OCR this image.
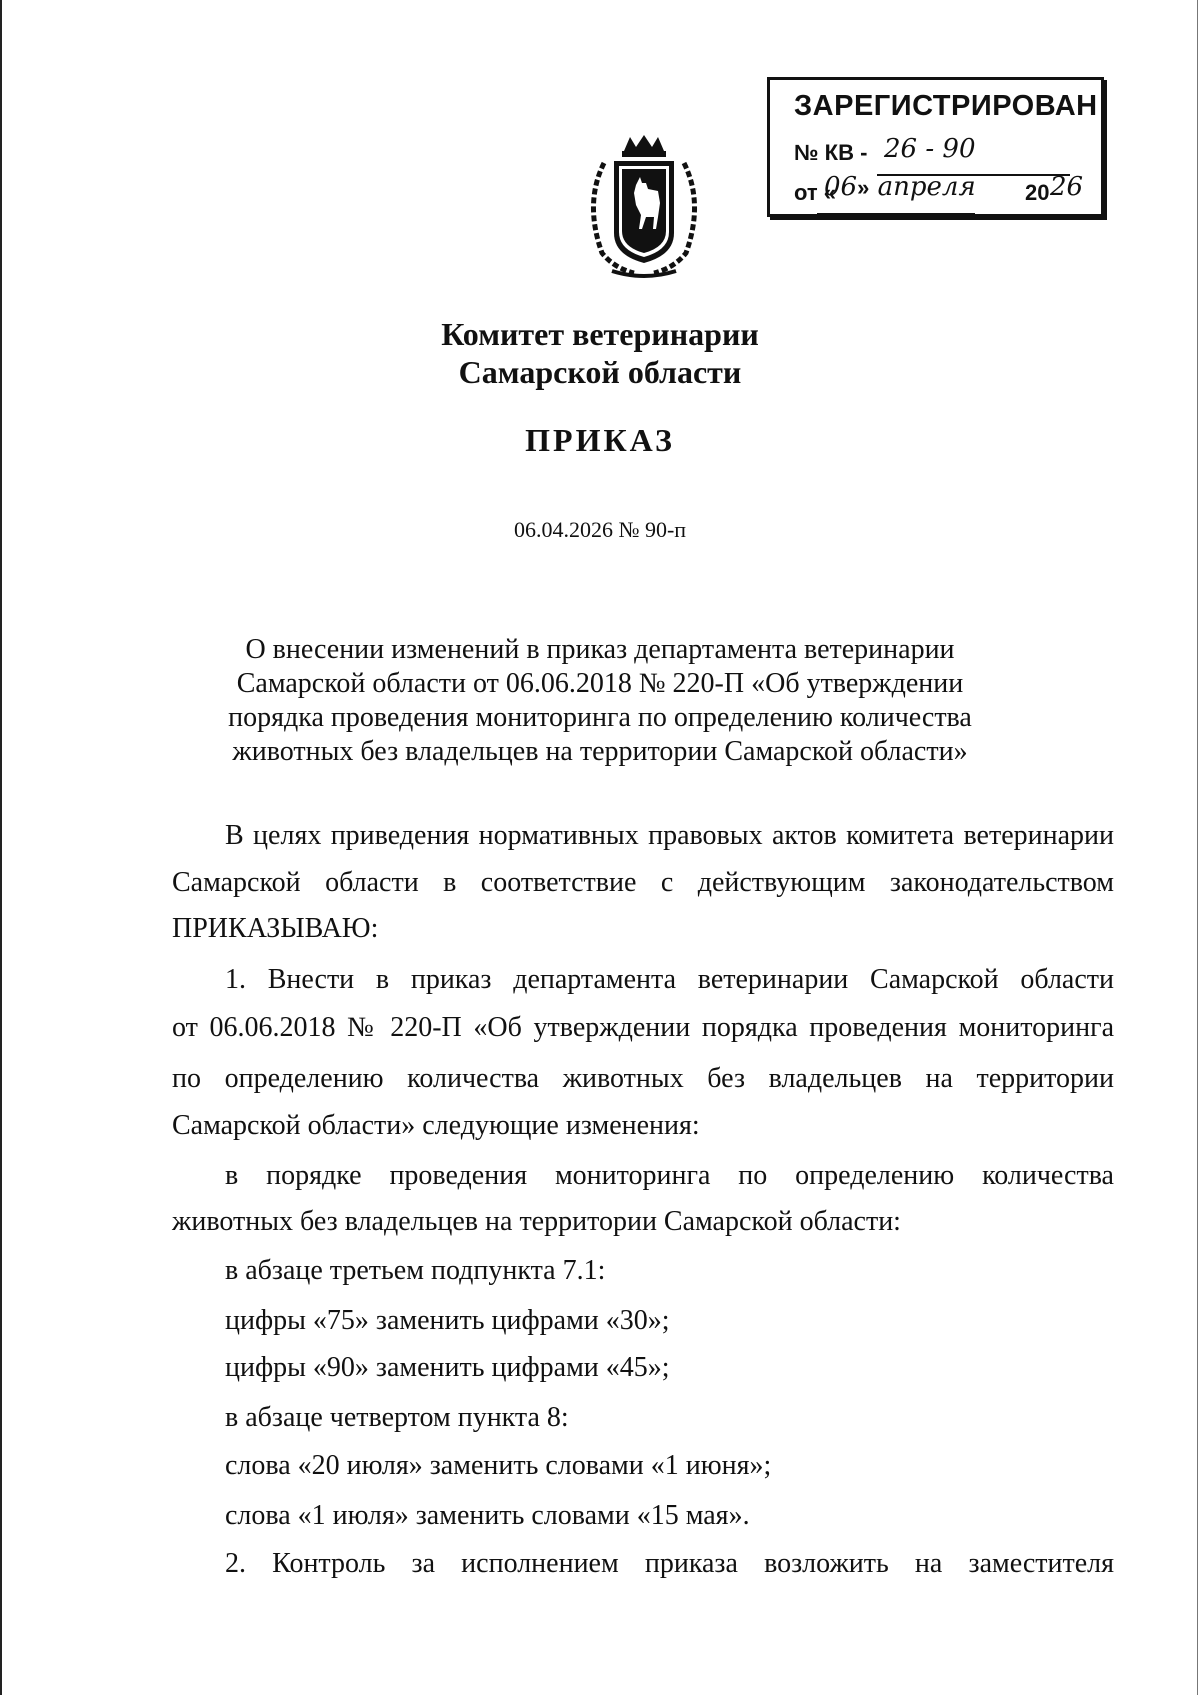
ЗАРЕГИСТРИРОВАН
№ КВ - 26 - 90
от «
06» апреля 20 26
Комитет ветеринарии
Самарской области
ПРИКАЗ
06.04.2026 № 90-п
О внесении изменений в приказ департамента ветеринарии
Самарской области от 06.06.2018 № 220-П «Об утверждении
порядка проведения мониторинга по определению количества
животных без владельцев на территории Самарской области»
В целях приведения нормативных правовых актов комитета ветеринарии
Самарской области в соответствие с действующим законодательством
ПРИКАЗЫВАЮ:
1. Внести в приказ департамента ветеринарии Самарской области
от 06.06.2018 № 220-П «Об утверждении порядка проведения мониторинга
по определению количества животных без владельцев на территории
Самарской области» следующие изменения:
в порядке проведения мониторинга по определению количества
животных без владельцев на территории Самарской области:
в абзаце третьем подпункта 7.1:
цифры «75» заменить цифрами «30»;
цифры «90» заменить цифрами «45»;
в абзаце четвертом пункта 8:
слова «20 июля» заменить словами «1 июня»;
слова «1 июля» заменить словами «15 мая».
2. Контроль за исполнением приказа возложить на заместителя
